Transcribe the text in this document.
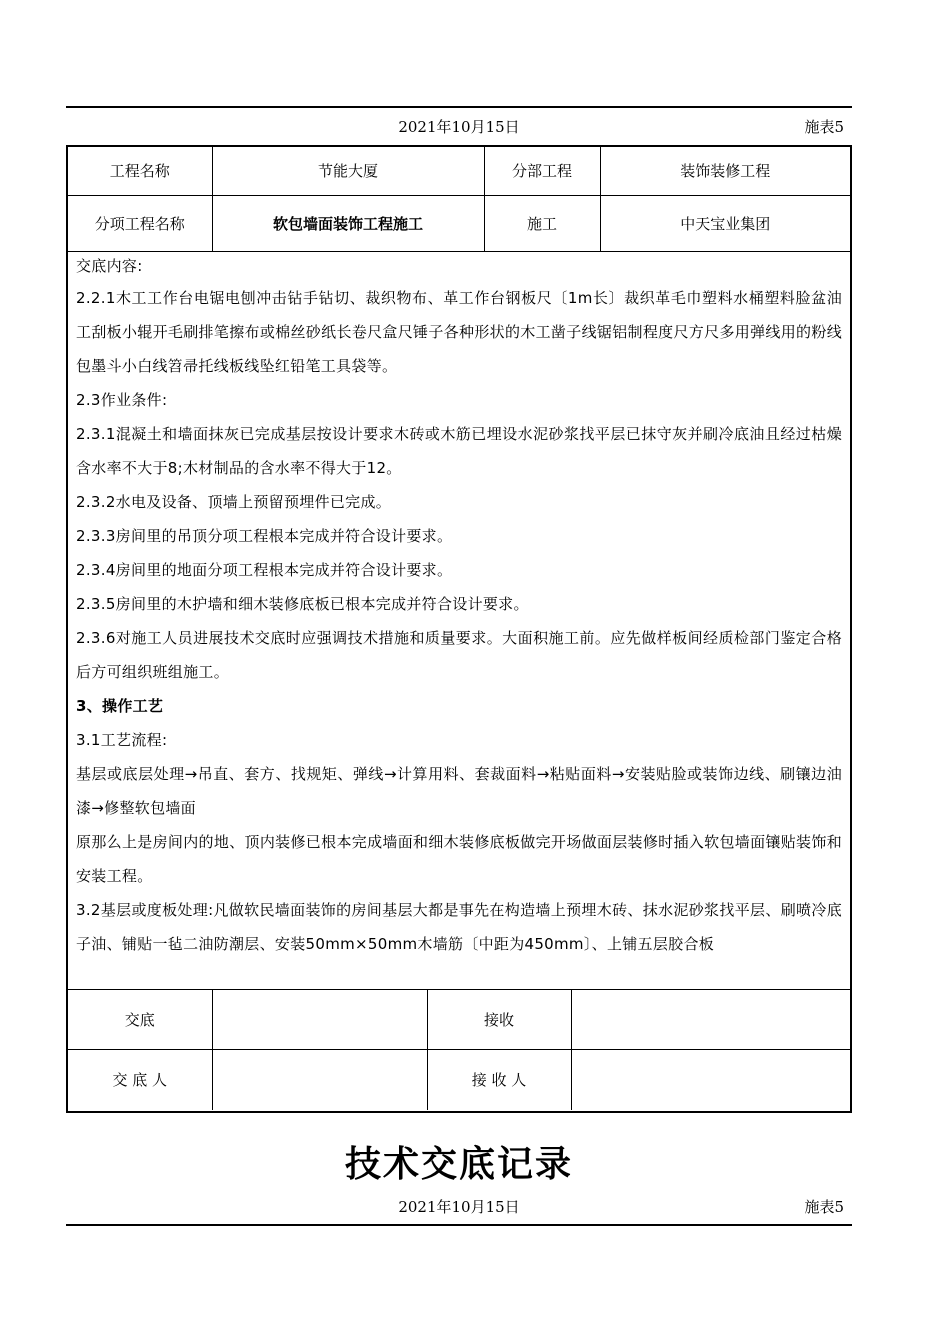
2021年10月15日	施表5
工程名称	节能大厦	分部工程	装饰装修工程
分项工程名称	软包墙面装饰工程施工	施工	中天宝业集团

交底内容:

2.2.1木工工作台电锯电刨冲击钻手钻切、裁织物布、革工作台钢板尺〔1m长〕裁织革毛巾塑料水桶塑料脸盆油工刮板小辊开毛刷排笔擦布或棉丝砂纸长卷尺盒尺锤子各种形状的木工凿子线锯铝制程度尺方尺多用弹线用的粉线包墨斗小白线笤帚托线板线坠红铅笔工具袋等。

2.3作业条件:

2.3.1混凝土和墙面抹灰已完成基层按设计要求木砖或木筋已埋设水泥砂浆找平层已抹守灰并刷冷底油且经过枯燥含水率不大于8;木材制品的含水率不得大于12。

2.3.2水电及设备、顶墙上预留预埋件已完成。

2.3.3房间里的吊顶分项工程根本完成并符合设计要求。

2.3.4房间里的地面分项工程根本完成并符合设计要求。

2.3.5房间里的木护墙和细木装修底板已根本完成并符合设计要求。

2.3.6对施工人员进展技术交底时应强调技术措施和质量要求。大面积施工前。应先做样板间经质检部门鉴定合格后方可组织班组施工。

3、操作工艺

3.1工艺流程:

基层或底层处理→吊直、套方、找规矩、弹线→计算用料、套裁面料→粘贴面料→安装贴脸或装饰边线、刷镶边油漆→修整软包墙面

原那么上是房间内的地、顶内装修已根本完成墙面和细木装修底板做完开场做面层装修时插入软包墙面镶贴装饰和安装工程。

3.2基层或度板处理:凡做软民墙面装饰的房间基层大都是事先在构造墙上预埋木砖、抹水泥砂浆找平层、刷喷冷底子油、铺贴一毡二油防潮层、安装50mm×50mm木墙筋〔中距为450mm〕、上铺五层胶合板

交底		接收	
交 底 人		接 收 人	
技术交底记录
2021年10月15日	施表5
